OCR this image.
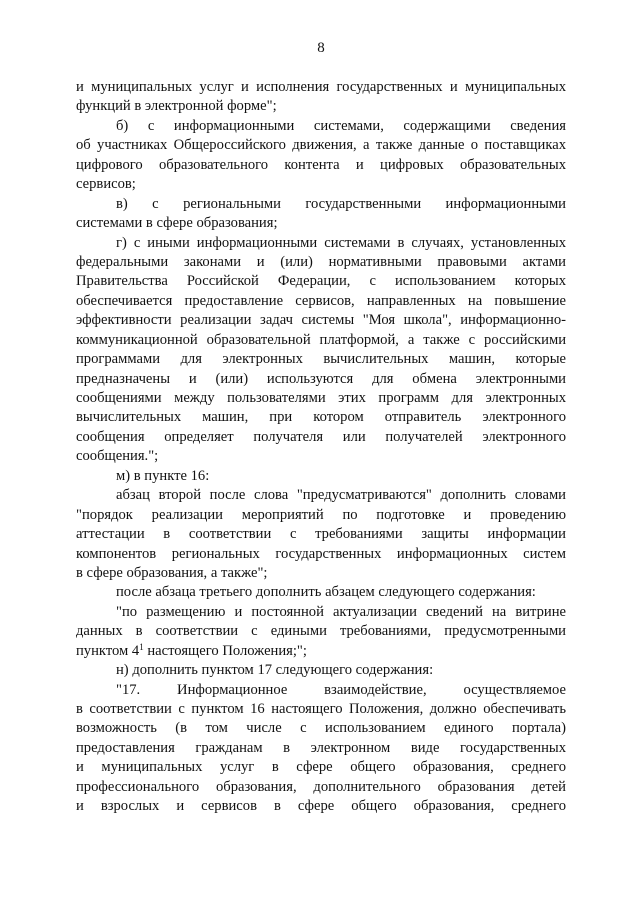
8
и муниципальных услуг и исполнения государственных и муниципальных
функций в электронной форме";
б) с информационными системами, содержащими сведения
об участниках Общероссийского движения, а также данные о поставщиках
цифрового образовательного контента и цифровых образовательных
сервисов;
в) с региональными государственными информационными
системами в сфере образования;
г) с иными информационными системами в случаях, установленных
федеральными законами и (или) нормативными правовыми актами
Правительства Российской Федерации, с использованием которых
обеспечивается предоставление сервисов, направленных на повышение
эффективности реализации задач системы "Моя школа", информационно-
коммуникационной образовательной платформой, а также с российскими
программами для электронных вычислительных машин, которые
предназначены и (или) используются для обмена электронными
сообщениями между пользователями этих программ для электронных
вычислительных машин, при котором отправитель электронного
сообщения определяет получателя или получателей электронного
сообщения.";
м) в пункте 16:
абзац второй после слова "предусматриваются" дополнить словами
"порядок реализации мероприятий по подготовке и проведению
аттестации в соответствии с требованиями защиты информации
компонентов региональных государственных информационных систем
в сфере образования, а также";
после абзаца третьего дополнить абзацем следующего содержания:
"по размещению и постоянной актуализации сведений на витрине
данных в соответствии с едиными требованиями, предусмотренными
пунктом $4^1$ настоящего Положения;";
н) дополнить пунктом 17 следующего содержания:
"17. Информационное взаимодействие, осуществляемое
в соответствии с пунктом 16 настоящего Положения, должно обеспечивать
возможность (в том числе с использованием единого портала)
предоставления гражданам в электронном виде государственных
и муниципальных услуг в сфере общего образования, среднего
профессионального образования, дополнительного образования детей
и взрослых и сервисов в сфере общего образования, среднего
